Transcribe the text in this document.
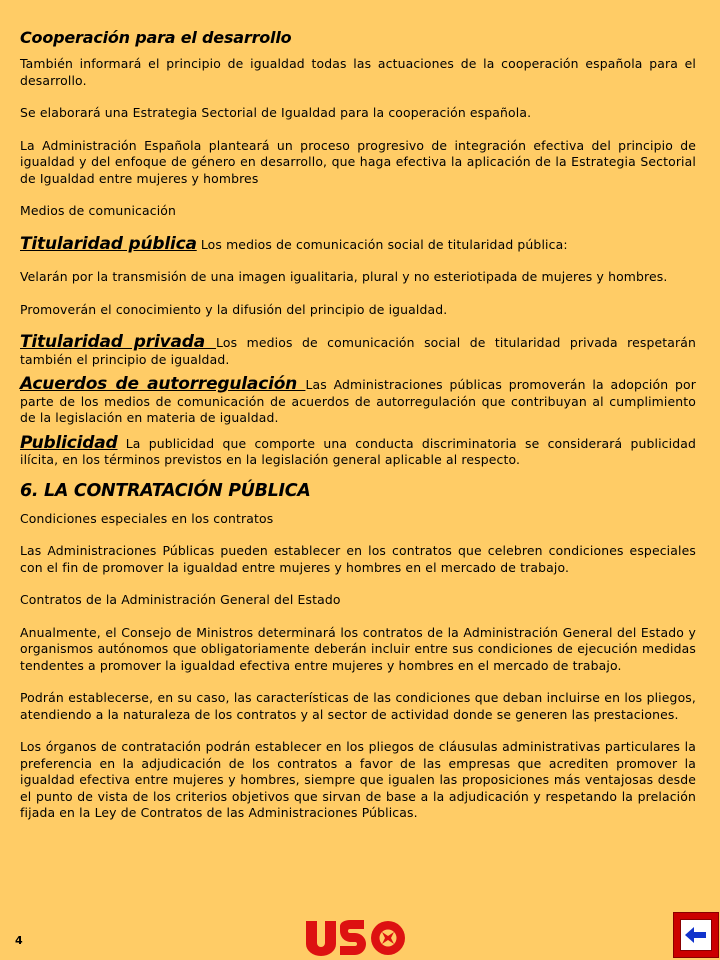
Cooperación para el desarrollo

También informará el principio de igualdad todas las actuaciones de la cooperación española para el desarrollo.

Se elaborará una Estrategia Sectorial de Igualdad para la cooperación española.

La Administración Española planteará un proceso progresivo de integración efectiva del principio de igualdad y del enfoque de género en desarrollo, que haga efectiva la aplicación de la Estrategia Sectorial de Igualdad entre mujeres y hombres

Medios de comunicación

Titularidad pública Los medios de comunicación social de titularidad pública:

Velarán por la transmisión de una imagen igualitaria, plural y no esteriotipada de mujeres y hombres.

Promoverán el conocimiento y la difusión del principio de igualdad.

Titularidad privada Los medios de comunicación social de titularidad privada respetarán también el principio de igualdad.

Acuerdos de autorregulación Las Administraciones públicas promoverán la adopción por parte de los medios de comunicación de acuerdos de autorregulación que contribuyan al cumplimiento de la legislación en materia de igualdad.

Publicidad La publicidad que comporte una conducta discriminatoria se considerará publicidad ilícita, en los términos previstos en la legislación general aplicable al respecto.

6. LA CONTRATACIÓN PÚBLICA

Condiciones especiales en los contratos

Las Administraciones Públicas pueden establecer en los contratos que celebren condiciones especiales con el fin de promover la igualdad entre mujeres y hombres en el mercado de trabajo.

Contratos de la Administración General del Estado

Anualmente, el Consejo de Ministros determinará los contratos de la Administración General del Estado y organismos autónomos que obligatoriamente deberán incluir entre sus condiciones de ejecución medidas tendentes a promover la igualdad efectiva entre mujeres y hombres en el mercado de trabajo.

Podrán establecerse, en su caso, las características de las condiciones que deban incluirse en los pliegos, atendiendo a la naturaleza de los contratos y al sector de actividad donde se generen las prestaciones.

Los órganos de contratación podrán establecer en los pliegos de cláusulas administrativas particulares la preferencia en la adjudicación de los contratos a favor de las empresas que acrediten promover la igualdad efectiva entre mujeres y hombres, siempre que igualen las proposiciones más ventajosas desde el punto de vista de los criterios objetivos que sirvan de base a la adjudicación y respetando la prelación fijada en la Ley de Contratos de las Administraciones Públicas.

4
